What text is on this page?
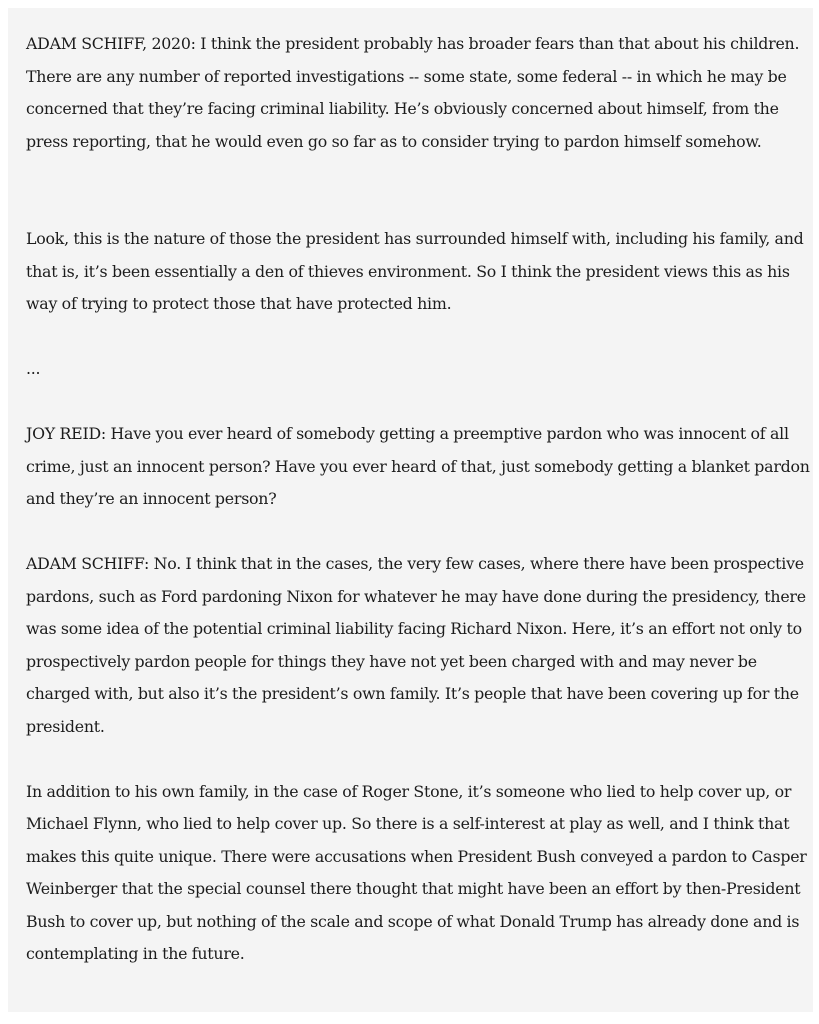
ADAM SCHIFF, 2020: I think the president probably has broader fears than that about his children. There are any number of reported investigations -- some state, some federal -- in which he may be concerned that they’re facing criminal liability. He’s obviously concerned about himself, from the press reporting, that he would even go so far as to consider trying to pardon himself somehow.

Look, this is the nature of those the president has surrounded himself with, including his family, and that is, it’s been essentially a den of thieves environment. So I think the president views this as his way of trying to protect those that have protected him.

...

JOY REID: Have you ever heard of somebody getting a preemptive pardon who was innocent of all crime, just an innocent person? Have you ever heard of that, just somebody getting a blanket pardon and they’re an innocent person?

ADAM SCHIFF: No. I think that in the cases, the very few cases, where there have been prospective pardons, such as Ford pardoning Nixon for whatever he may have done during the presidency, there was some idea of the potential criminal liability facing Richard Nixon. Here, it’s an effort not only to prospectively pardon people for things they have not yet been charged with and may never be charged with, but also it’s the president’s own family. It’s people that have been covering up for the president.

In addition to his own family, in the case of Roger Stone, it’s someone who lied to help cover up, or Michael Flynn, who lied to help cover up. So there is a self-interest at play as well, and I think that makes this quite unique. There were accusations when President Bush conveyed a pardon to Casper Weinberger that the special counsel there thought that might have been an effort by then-President Bush to cover up, but nothing of the scale and scope of what Donald Trump has already done and is contemplating in the future.
